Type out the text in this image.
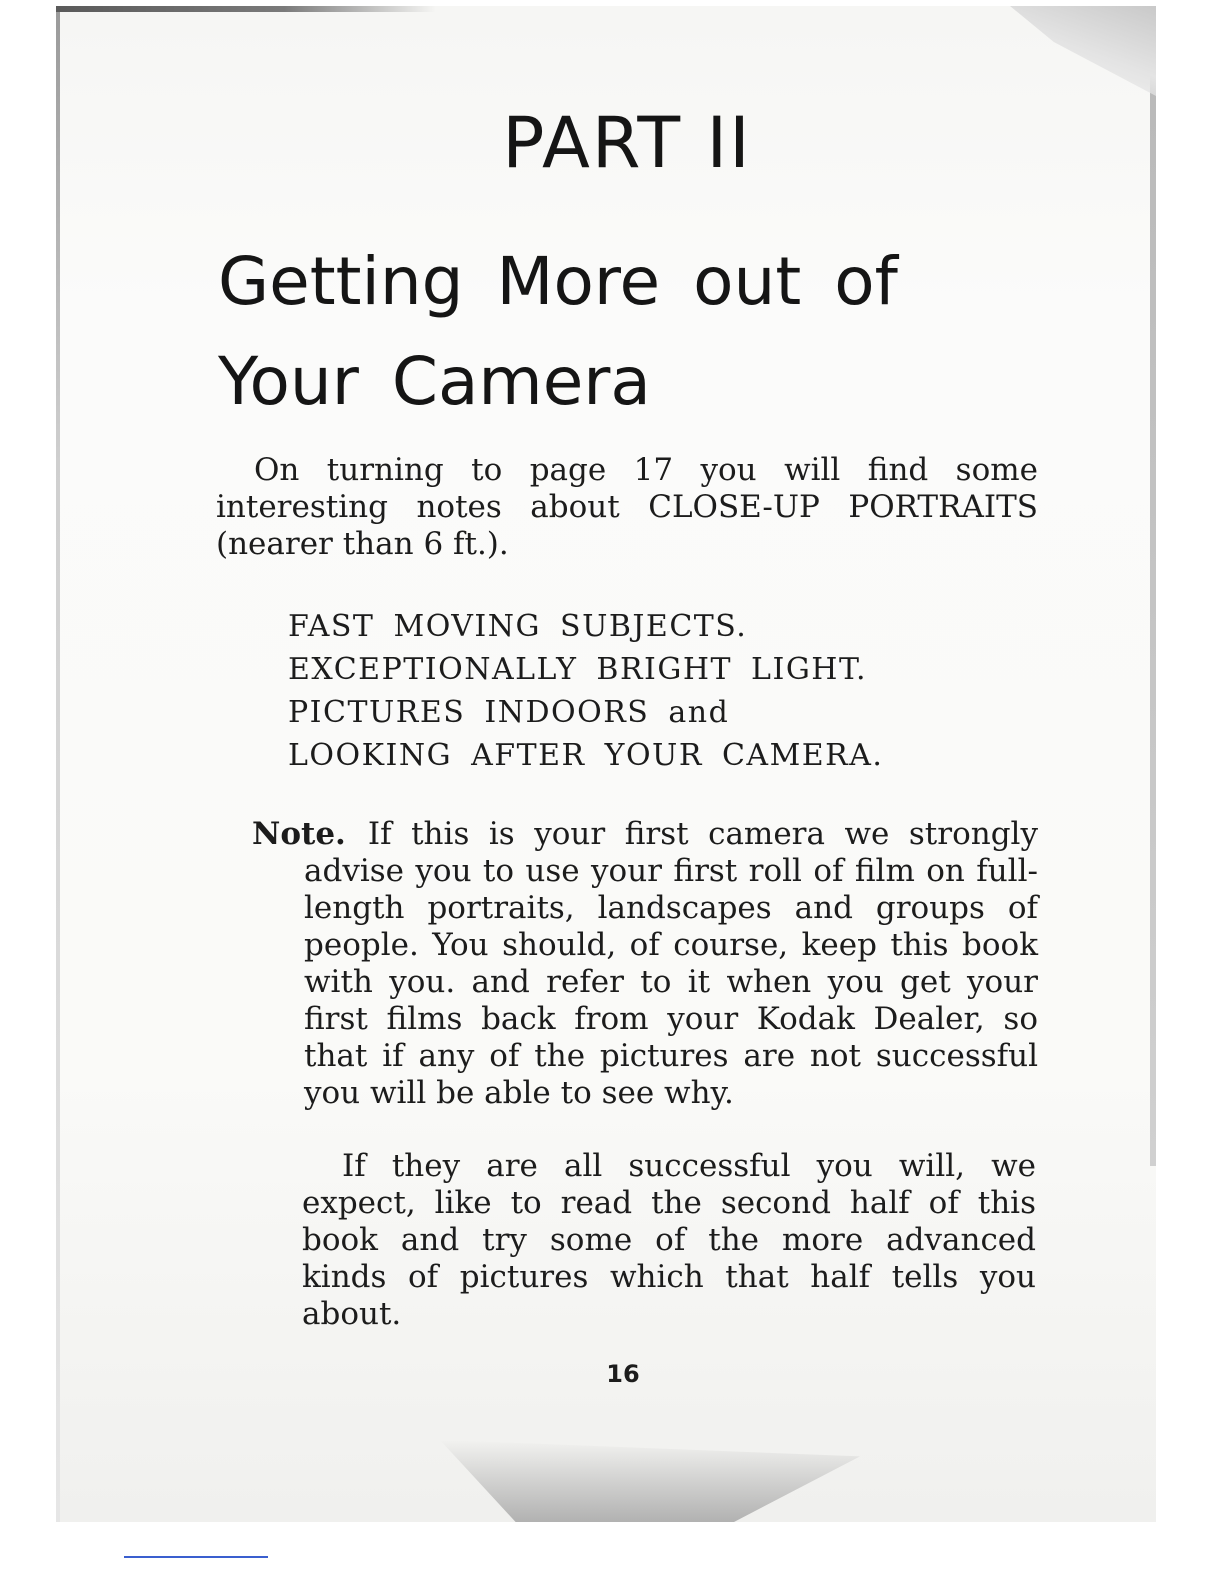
PART II
Getting More out of
Your Camera

On turning to page 17 you will find some interesting notes about CLOSE-UP PORTRAITS (nearer than 6 ft.).

FAST MOVING SUBJECTS.
EXCEPTIONALLY BRIGHT LIGHT.
PICTURES INDOORS and
LOOKING AFTER YOUR CAMERA.

Note. If this is your first camera we strongly advise you to use your first roll of film on full-length portraits, landscapes and groups of people. You should, of course, keep this book with you. and refer to it when you get your first films back from your Kodak Dealer, so that if any of the pictures are not successful you will be able to see why.

If they are all successful you will, we expect, like to read the second half of this book and try some of the more advanced kinds of pictures which that half tells you about.

16
